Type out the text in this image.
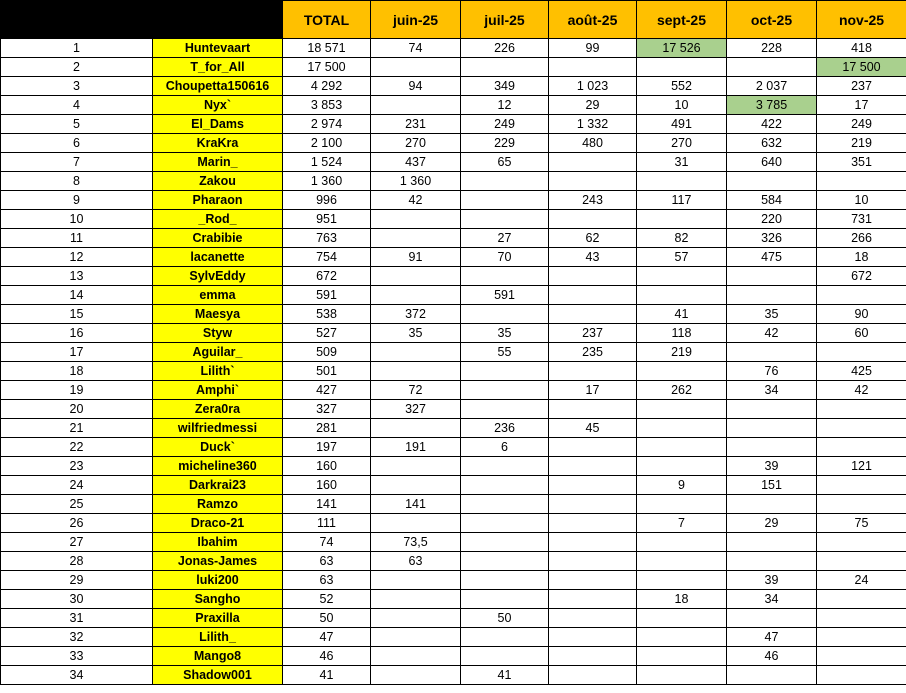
		TOTAL	juin-25	juil-25	août-25	sept-25	oct-25	nov-25
1	Huntevaart	18 571	74	226	99	17 526	228	418
2	T_for_All	17 500						17 500
3	Choupetta150616	4 292	94	349	1 023	552	2 037	237
4	Nyx`	3 853		12	29	10	3 785	17
5	El_Dams	2 974	231	249	1 332	491	422	249
6	KraKra	2 100	270	229	480	270	632	219
7	Marin_	1 524	437	65		31	640	351
8	Zakou	1 360	1 360					
9	Pharaon	996	42		243	117	584	10
10	_Rod_	951					220	731
11	Crabibie	763		27	62	82	326	266
12	lacanette	754	91	70	43	57	475	18
13	SylvEddy	672						672
14	emma	591		591				
15	Maesya	538	372			41	35	90
16	Styw	527	35	35	237	118	42	60
17	Aguilar_	509		55	235	219		
18	Lilith`	501					76	425
19	Amphi`	427	72		17	262	34	42
20	Zera0ra	327	327					
21	wilfriedmessi	281		236	45			
22	Duck`	197	191	6				
23	micheline360	160					39	121
24	Darkrai23	160				9	151	
25	Ramzo	141	141					
26	Draco-21	111				7	29	75
27	Ibahim	74	73,5					
28	Jonas-James	63	63					
29	luki200	63					39	24
30	Sangho	52				18	34	
31	Praxilla	50		50				
32	Lilith_	47					47	
33	Mango8	46					46	
34	Shadow001	41		41				
